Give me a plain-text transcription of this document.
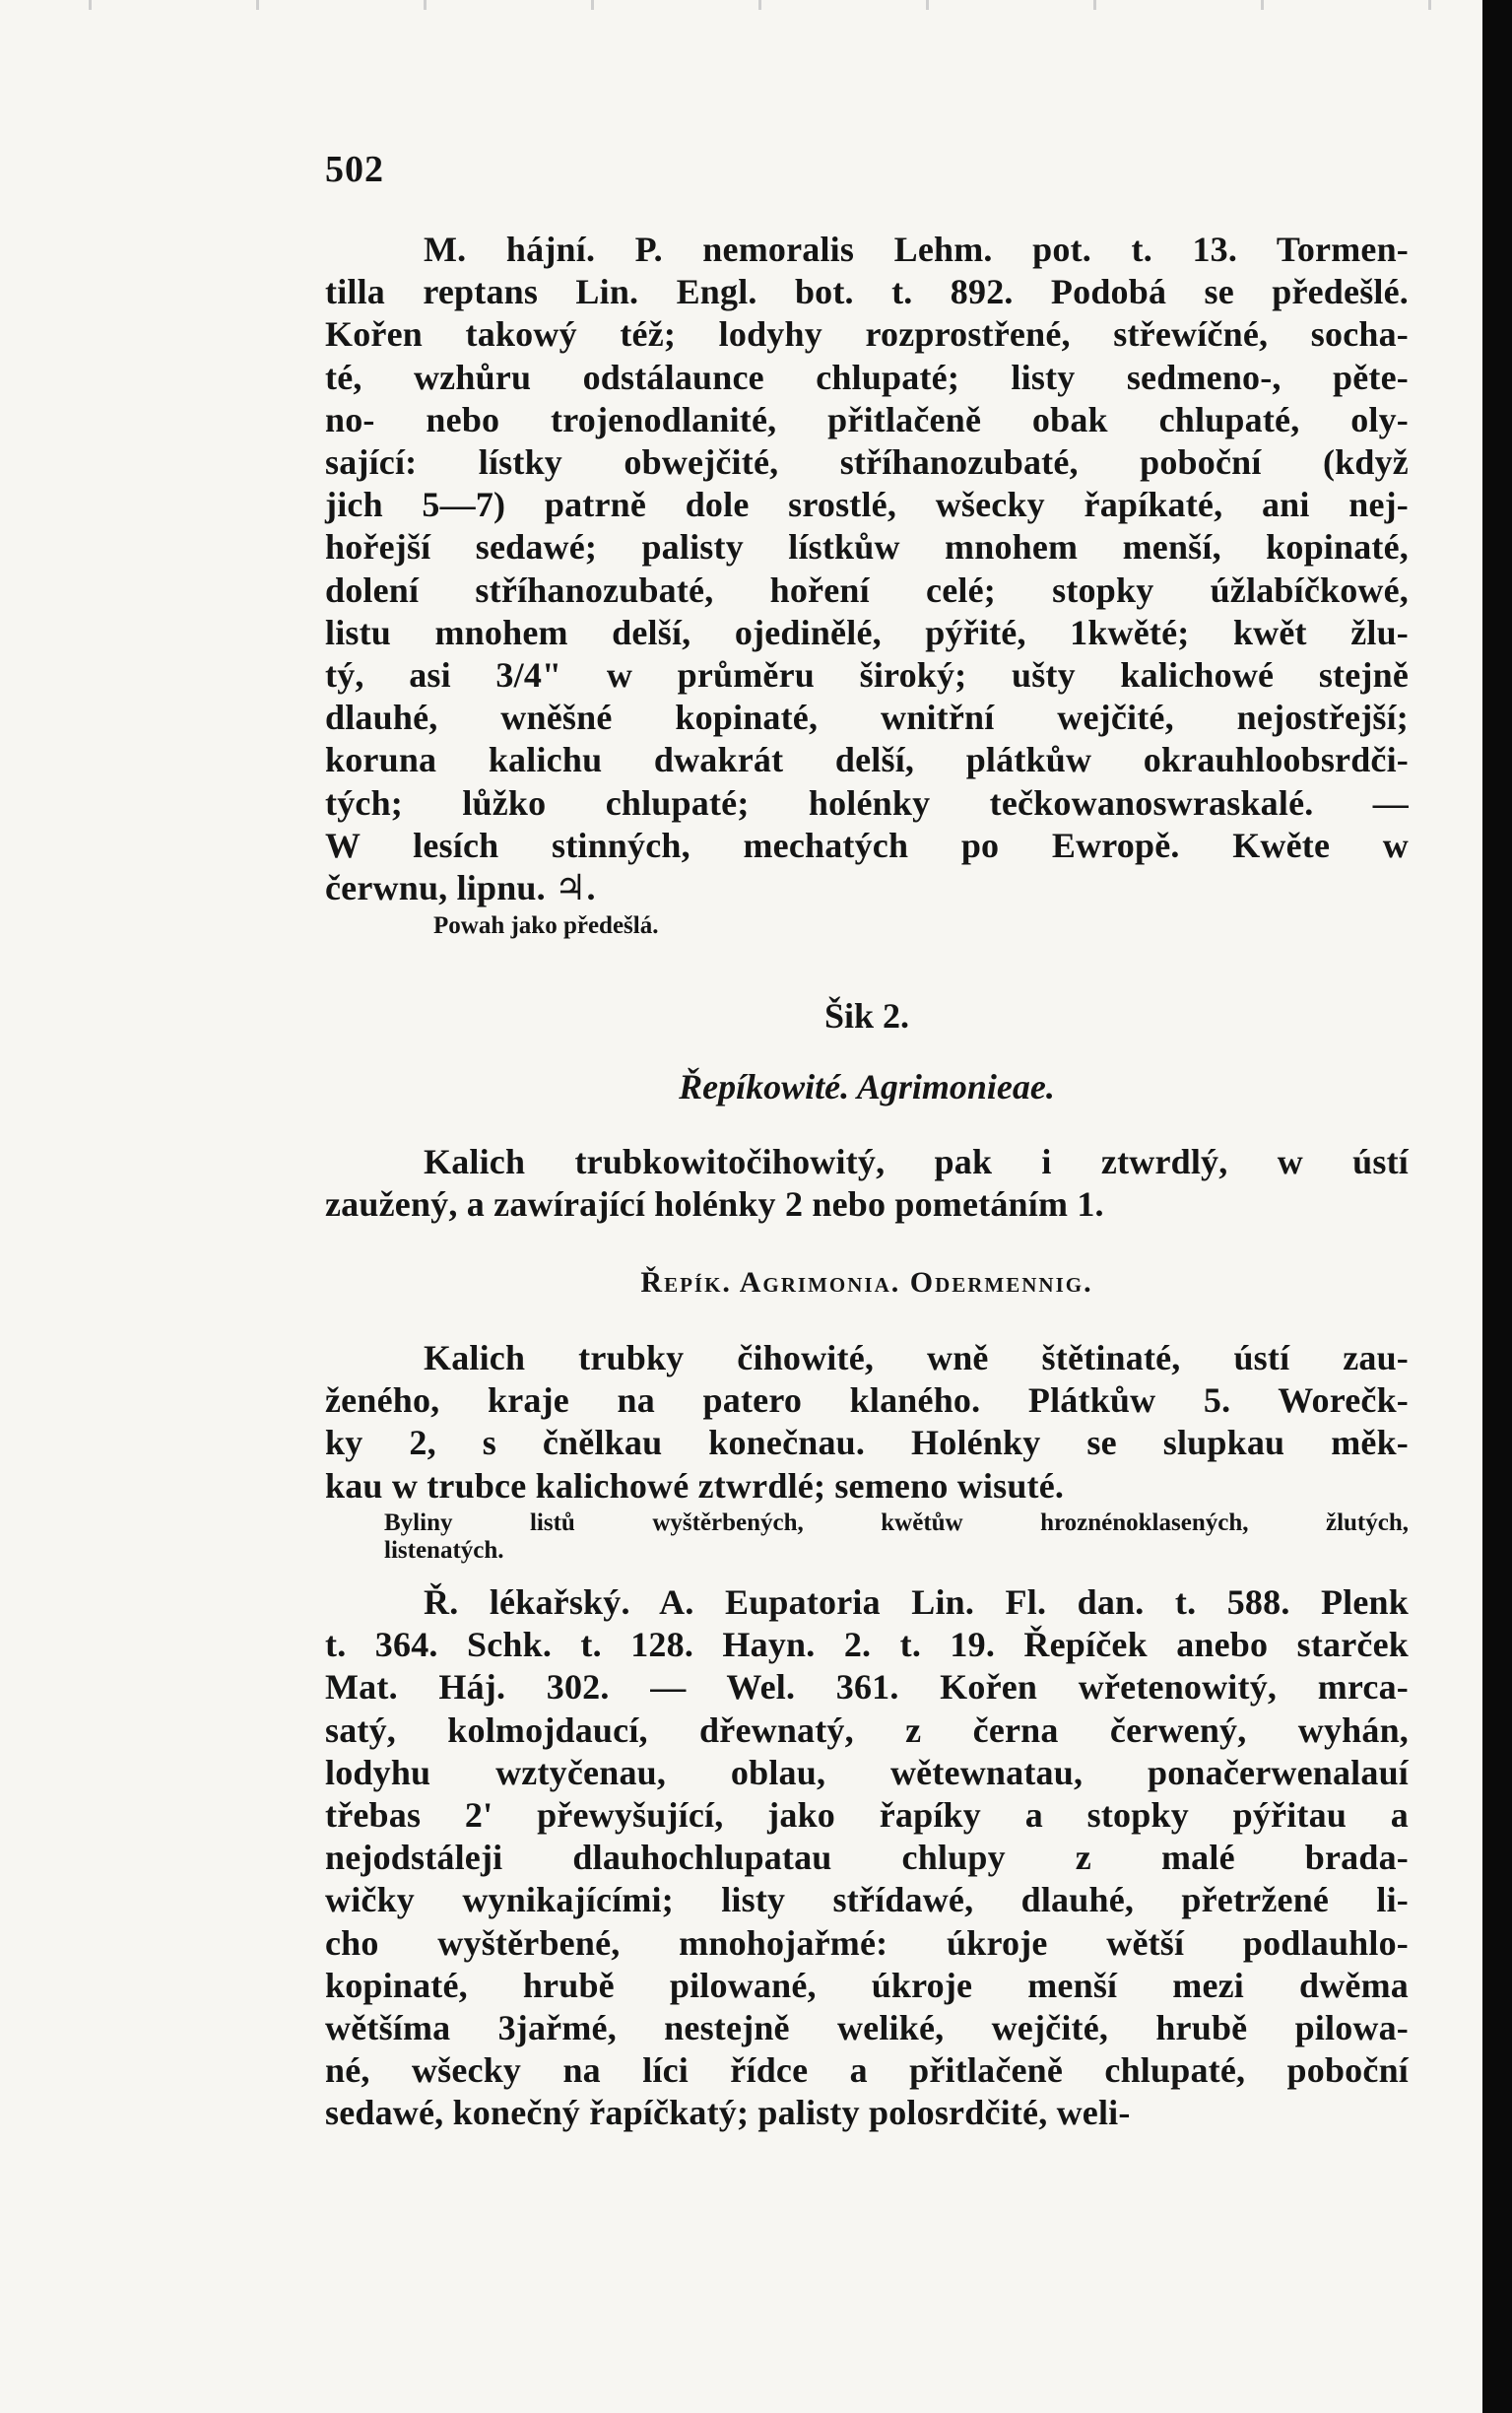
502
M. hájní. P. nemoralis Lehm. pot. t. 13. Tormen-
tilla reptans Lin. Engl. bot. t. 892. Podobá se předešlé.
Kořen takowý též; lodyhy rozprostřené, střewíčné, socha-
té, wzhůru odstálaunce chlupaté; listy sedmeno-, pěte-
no- nebo trojenodlanité, přitlačeně obak chlupaté, oly-
sající: lístky obwejčité, stříhanozubaté, poboční (když
jich 5—7) patrně dole srostlé, wšecky řapíkaté, ani nej-
hořejší sedawé; palisty lístkůw mnohem menší, kopinaté,
dolení stříhanozubaté, hoření celé; stopky úžlabíčkowé,
listu mnohem delší, ojedinělé, pýřité, 1kwěté; kwět žlu-
tý, asi 3/4" w průměru široký; ušty kalichowé stejně
dlauhé, wněšné kopinaté, wnitřní wejčité, nejostřejší;
koruna kalichu dwakrát delší, plátkůw okrauhloobsrdči-
tých; lůžko chlupaté; holénky tečkowanoswraskalé. —
W lesích stinných, mechatých po Ewropě. Kwěte w
čerwnu, lipnu. ♃.
Powah jako předešlá.
Šik 2.
Řepíkowité. Agrimonieae.
Kalich trubkowitočihowitý, pak i ztwrdlý, w ústí
zaužený, a zawírající holénky 2 nebo pometáním 1.
Řepík. Agrimonia. Odermennig.
Kalich trubky čihowité, wně štětinaté, ústí zau-
ženého, kraje na patero klaného. Plátkůw 5. Worečk-
ky 2, s čnělkau konečnau. Holénky se slupkau měk-
kau w trubce kalichowé ztwrdlé; semeno wisuté.
Byliny listů wyštěrbených, kwětůw hroznénoklasených, žlutých,
listenatých.
Ř. lékařský. A. Eupatoria Lin. Fl. dan. t. 588. Plenk
t. 364. Schk. t. 128. Hayn. 2. t. 19. Řepíček anebo starček
Mat. Háj. 302. — Wel. 361. Kořen wřetenowitý, mrca-
satý, kolmojdaucí, dřewnatý, z černa čerwený, wyhán,
lodyhu wztyčenau, oblau, wětewnatau, ponačerwenalauí
třebas 2' přewyšující, jako řapíky a stopky pýřitau a
nejodstáleji dlauhochlupatau chlupy z malé brada-
wičky wynikajícími; listy střídawé, dlauhé, přetržené li-
cho wyštěrbené, mnohojařmé: úkroje wětší podlauhlo-
kopinaté, hrubě pilowané, úkroje menší mezi dwěma
wětšíma 3jařmé, nestejně weliké, wejčité, hrubě pilowa-
né, wšecky na líci řídce a přitlačeně chlupaté, poboční
sedawé, konečný řapíčkatý; palisty polosrdčité, weli-
